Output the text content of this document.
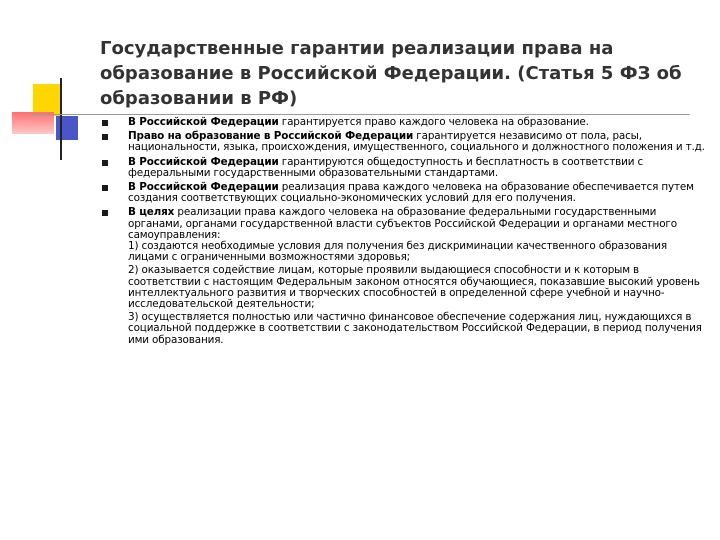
Государственные гарантии реализации права на образование в Российской Федерации. (Статья 5 ФЗ об образовании в РФ)
В Российской Федерации гарантируется право каждого человека на образование.
Право на образование в Российской Федерации гарантируется независимо от пола, расы, национальности, языка, происхождения, имущественного, социального и должностного положения и т.д.
В Российской Федерации гарантируются общедоступность и бесплатность в соответствии с федеральными государственными образовательными стандартами.
В Российской Федерации реализация права каждого человека на образование обеспечивается путем создания соответствующих социально-экономических условий для его получения.
В целях реализации права каждого человека на образование федеральными государственными органами, органами государственной власти субъектов Российской Федерации и органами местного самоуправления:
1) создаются необходимые условия для получения без дискриминации качественного образования лицами с ограниченными возможностями здоровья;
2) оказывается содействие лицам, которые проявили выдающиеся способности и к которым в соответствии с настоящим Федеральным законом относятся обучающиеся, показавшие высокий уровень интеллектуального развития и творческих способностей в определенной сфере учебной и научно-исследовательской деятельности;
3) осуществляется полностью или частично финансовое обеспечение содержания лиц, нуждающихся в социальной поддержке в соответствии с законодательством Российской Федерации, в период получения ими образования.
